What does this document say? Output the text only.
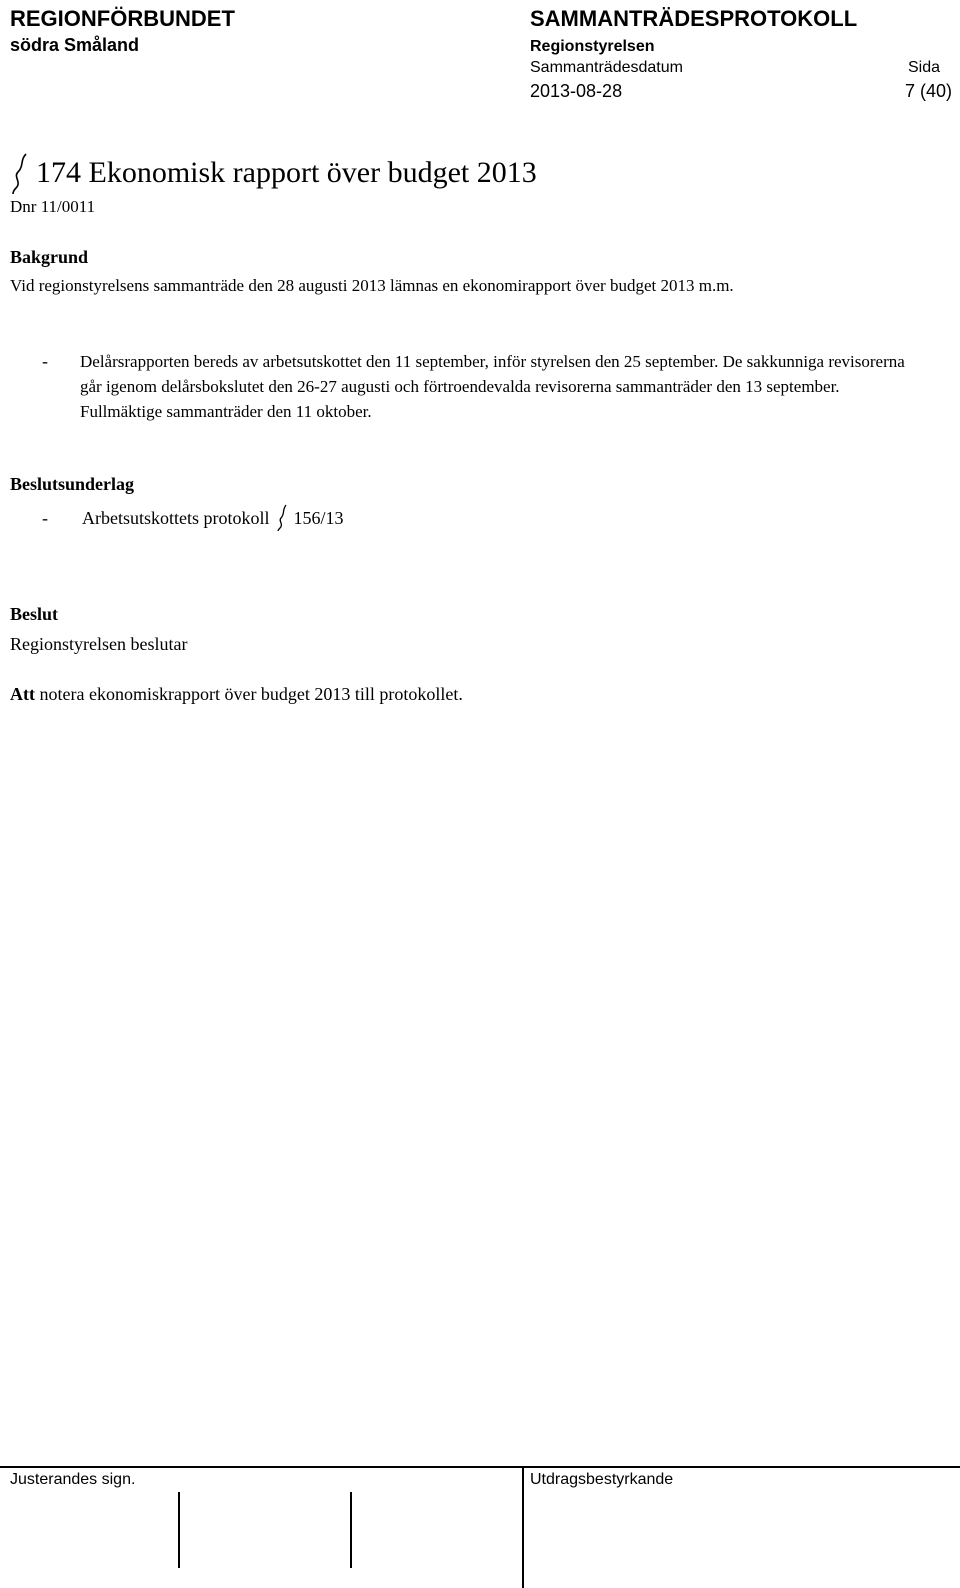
REGIONFÖRBUNDET
södra Småland
SAMMANTRÄDESPROTOKOLL
Regionstyrelsen
Sammanträdesdatum	Sida
2013-08-28	7 (40)
174 Ekonomisk rapport över budget 2013
Dnr 11/0011
Bakgrund
Vid regionstyrelsens sammanträde den 28 augusti 2013 lämnas en ekonomirapport över budget 2013 m.m.
- Delårsrapporten bereds av arbetsutskottet den 11 september, inför styrelsen den 25 september. De sakkunniga revisorerna går igenom delårsbokslutet den 26-27 augusti och förtroendevalda revisorerna sammanträder den 13 september. Fullmäktige sammanträder den 11 oktober.
Beslutsunderlag
- Arbetsutskottets protokoll 156/13
Beslut
Regionstyrelsen beslutar
Att notera ekonomiskrapport över budget 2013 till protokollet.
Justerandes sign.	Utdragsbestyrkande
